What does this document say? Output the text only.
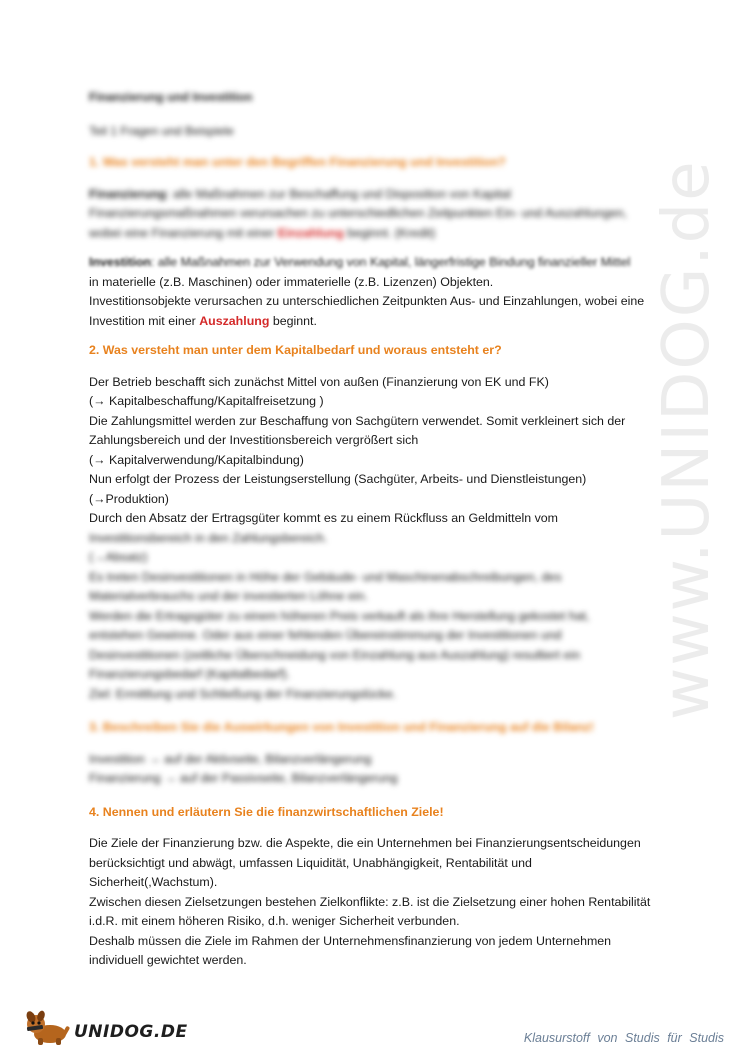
www.UNIDOG.de

Finanzierung und Investition

Teil 1 Fragen und Beispiele

1. Was versteht man unter den Begriffen Finanzierung und Investition?

Finanzierung: alle Maßnahmen zur Beschaffung und Disposition von Kapital
Finanzierungsmaßnahmen verursachen zu unterschiedlichen Zeitpunkten Ein- und Auszahlungen,
wobei eine Finanzierung mit einer Einzahlung beginnt. (Kredit)

Investition: alle Maßnahmen zur Verwendung von Kapital, längerfristige Bindung finanzieller Mittel
in materielle (z.B. Maschinen) oder immaterielle (z.B. Lizenzen) Objekten.
Investitionsobjekte verursachen zu unterschiedlichen Zeitpunkten Aus- und Einzahlungen, wobei eine
Investition mit einer Auszahlung beginnt.

2. Was versteht man unter dem Kapitalbedarf und woraus entsteht er?

Der Betrieb beschafft sich zunächst Mittel von außen (Finanzierung von EK und FK)
(→ Kapitalbeschaffung/Kapitalfreisetzung )
Die Zahlungsmittel werden zur Beschaffung von Sachgütern verwendet. Somit verkleinert sich der
Zahlungsbereich und der Investitionsbereich vergrößert sich
(→ Kapitalverwendung/Kapitalbindung)
Nun erfolgt der Prozess der Leistungserstellung (Sachgüter, Arbeits- und Dienstleistungen)
(→Produktion)
Durch den Absatz der Ertragsgüter kommt es zu einem Rückfluss an Geldmitteln vom
Investitionsbereich in den Zahlungsbereich.
(→Absatz)
Es treten Desinvestitionen in Höhe der Gebäude- und Maschinenabschreibungen, des
Materialverbrauchs und der investierten Löhne ein.
Werden die Ertragsgüter zu einem höheren Preis verkauft als ihre Herstellung gekostet hat,
entstehen Gewinne. Oder aus einer fehlenden Übereinstimmung der Investitionen und
Desinvestitionen (zeitliche Überschneidung von Einzahlung aus Auszahlung) resultiert ein
Finanzierungsbedarf (Kapitalbedarf).
Ziel: Ermittlung und Schließung der Finanzierungslücke.

3. Beschreiben Sie die Auswirkungen von Investition und Finanzierung auf die Bilanz!

Investition → auf der Aktivseite, Bilanzverlängerung
Finanzierung → auf der Passivseite, Bilanzverlängerung

4. Nennen und erläutern Sie die finanzwirtschaftlichen Ziele!

Die Ziele der Finanzierung bzw. die Aspekte, die ein Unternehmen bei Finanzierungsentscheidungen
berücksichtigt und abwägt, umfassen Liquidität, Unabhängigkeit, Rentabilität und
Sicherheit(,Wachstum).
Zwischen diesen Zielsetzungen bestehen Zielkonflikte: z.B. ist die Zielsetzung einer hohen Rentabilität
i.d.R. mit einem höheren Risiko, d.h. weniger Sicherheit verbunden.
Deshalb müssen die Ziele im Rahmen der Unternehmensfinanzierung von jedem Unternehmen
individuell gewichtet werden.
UNIDOG.DE	Klausurstoff von Studis für Studis
